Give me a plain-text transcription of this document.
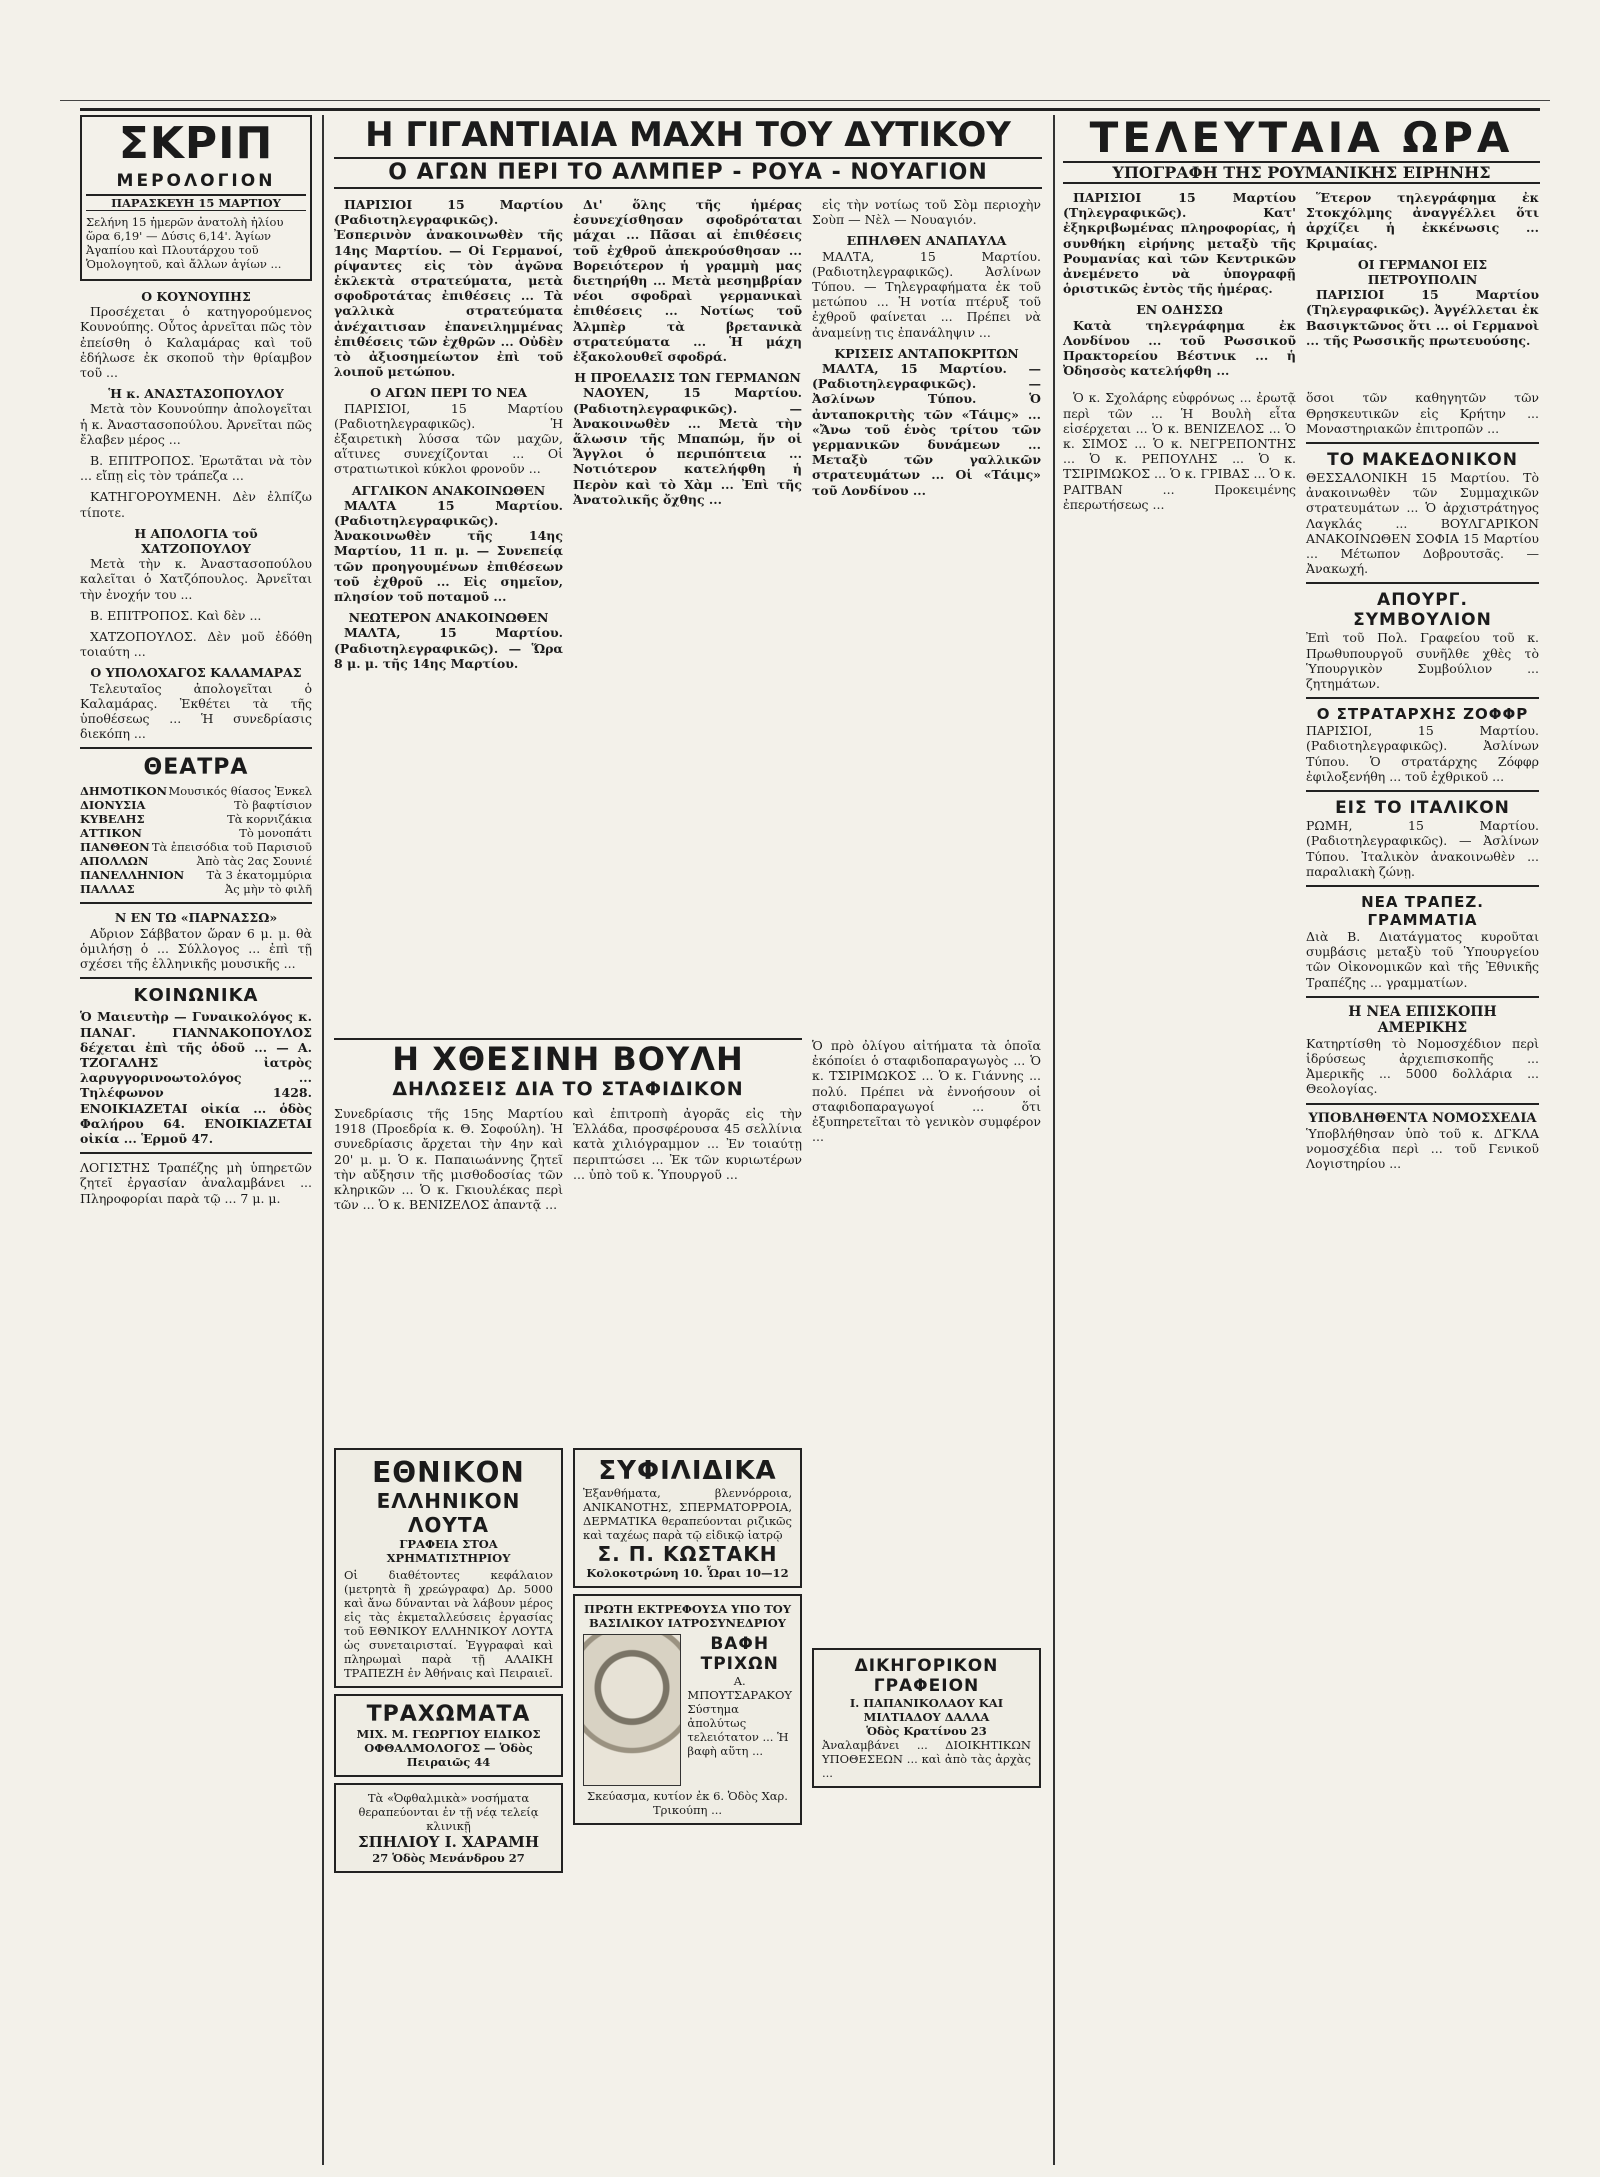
ΣΚΡΙΠ
ΜΕΡΟΛΟΓΙΟΝ
ΠΑΡΑΣΚΕΥΗ 15 ΜΑΡΤΙΟΥ
Σελήνη 15 ἡμερῶν ἀνατολὴ ἡλίου ὥρα 6,19' — Δύσις 6,14'. Ἁγίων Ἀγαπίου καὶ Πλουτάρχου τοῦ Ὁμολογητοῦ, καὶ ἄλλων ἁγίων ...
Ο ΚΟΥΝΟΥΠΗΣ

Προσέχεται ὁ κατηγορούμενος Κουνούπης. Οὗτος ἀρνεῖται πῶς τὸν ἐπείσθη ὁ Καλαμάρας καὶ τοῦ ἐδήλωσε ἐκ σκοποῦ τὴν θρίαμβον τοῦ ...

Ἡ κ. ΑΝΑΣΤΑΣΟΠΟΥΛΟΥ

Μετὰ τὸν Κουνούπην ἀπολογεῖται ἡ κ. Ἀναστασοπούλου. Ἀρνεῖται πῶς ἔλαβεν μέρος ...

Β. ΕΠΙΤΡΟΠΟΣ. Ἐρωτᾶται νὰ τὸν ... εἴπῃ εἰς τὸν τράπεζα ...

ΚΑΤΗΓΟΡΟΥΜΕΝΗ. Δὲν ἐλπίζω τίποτε.

Η ΑΠΟΛΟΓΙΑ τοῦ ΧΑΤΖΟΠΟΥΛΟΥ

Μετὰ τὴν κ. Ἀναστασοπούλου καλεῖται ὁ Χατζόπουλος. Ἀρνεῖται τὴν ἐνοχήν του ...

Β. ΕΠΙΤΡΟΠΟΣ. Καὶ δὲν ...

ΧΑΤΖΟΠΟΥΛΟΣ. Δὲν μοῦ ἐδόθη τοιαύτη ...

Ο ΥΠΟΛΟΧΑΓΟΣ ΚΑΛΑΜΑΡΑΣ

Τελευταῖος ἀπολογεῖται ὁ Καλαμάρας. Ἐκθέτει τὰ τῆς ὑποθέσεως ... Ἡ συνεδρίασις διεκόπη ...

ΘΕΑΤΡΑ
ΔΗΜΟΤΙΚΟΝ Μουσικός θίασος Ἐνκελ
ΔΙΟΝΥΣΙΑ	Τὸ βαφτίσιον
ΚΥΒΕΛΗΣ	Τὰ κορνιζάκια
ΑΤΤΙΚΟΝ	Τὸ μονοπάτι
ΠΑΝΘΕΟΝ Τὰ ἐπεισόδια τοῦ Παρισιοῦ
ΑΠΟΛΛΩΝ	Ἀπὸ τὰς 2ας Σουνιέ
ΠΑΝΕΛΛΗΝΙΟΝ Τὰ 3 ἑκατομμύρια
ΠΑΛΛΑΣ	Ἀς μὴν τὸ φιλῆ
Ν ΕΝ ΤΩ «ΠΑΡΝΑΣΣΩ»

Αὔριον Σάββατον ὥραν 6 μ. μ. θὰ ὁμιλήσῃ ὁ ... Σύλλογος ... ἐπὶ τῇ σχέσει τῆς ἑλληνικῆς μουσικῆς ...

ΚΟΙΝΩΝΙΚΑ
Ὁ Μαιευτὴρ — Γυναικολόγος κ. ΠΑΝΑΓ. ΓΙΑΝΝΑΚΟΠΟΥΛΟΣ δέχεται ἐπὶ τῆς ὁδοῦ ... — Α. ΤΖΟΓΑΛΗΣ ἰατρὸς λαρυγγορινοωτολόγος ... Τηλέφωνον 1428. ΕΝΟΙΚΙΑΖΕΤΑΙ οἰκία ... ὁδὸς Φαλήρου 64. ΕΝΟΙΚΙΑΖΕΤΑΙ οἰκία ... Ἑρμοῦ 47.
ΛΟΓΙΣΤΗΣ Τραπέζης μὴ ὑπηρετῶν ζητεῖ ἐργασίαν ἀναλαμβάνει ... Πληροφορίαι παρὰ τῷ ... 7 μ. μ.
Η ΓΙΓΑΝΤΙΑΙΑ ΜΑΧΗ ΤΟΥ ΔΥΤΙΚΟΥ
Ο ΑΓΩΝ ΠΕΡΙ ΤΟ ΑΛΜΠΕΡ - ΡΟΥΑ - ΝΟΥΑΓΙΟΝ

ΠΑΡΙΣΙΟΙ 15 Μαρτίου (Ραδιοτηλεγραφικῶς). Ἐσπερινὸν ἀνακοινωθὲν τῆς 14ης Μαρτίου. — Οἱ Γερμανοί, ρίψαντες εἰς τὸν ἀγῶνα ἐκλεκτὰ στρατεύματα, μετὰ σφοδροτάτας ἐπιθέσεις ... Τὰ γαλλικὰ στρατεύματα ἀνέχαιτισαν ἐπανειλημμένας ἐπιθέσεις τῶν ἐχθρῶν ... Οὐδὲν τὸ ἀξιοσημείωτον ἐπὶ τοῦ λοιποῦ μετώπου.

Ο ΑΓΩΝ ΠΕΡΙ ΤΟ ΝΕΑ

ΠΑΡΙΣΙΟΙ, 15 Μαρτίου (Ραδιοτηλεγραφικῶς). Ἡ ἐξαιρετικὴ λύσσα τῶν μαχῶν, αἵτινες συνεχίζονται ... Οἱ στρατιωτικοὶ κύκλοι φρονοῦν ...

ΑΓΓΛΙΚΟΝ ΑΝΑΚΟΙΝΩΘΕΝ

ΜΑΛΤΑ 15 Μαρτίου. (Ραδιοτηλεγραφικῶς). Ἀνακοινωθὲν τῆς 14ης Μαρτίου, 11 π. μ. — Συνεπείᾳ τῶν προηγουμένων ἐπιθέσεων τοῦ ἐχθροῦ ... Εἰς σημεῖον, πλησίον τοῦ ποταμοῦ ...

ΝΕΩΤΕΡΟΝ ΑΝΑΚΟΙΝΩΘΕΝ

ΜΑΛΤΑ, 15 Μαρτίου. (Ραδιοτηλεγραφικῶς). — Ὥρα 8 μ. μ. τῆς 14ης Μαρτίου.

Δι' ὅλης τῆς ἡμέρας ἐσυνεχίσθησαν σφοδρόταται μάχαι ... Πᾶσαι αἱ ἐπιθέσεις τοῦ ἐχθροῦ ἀπεκρούσθησαν ... Βορειότερον ἡ γραμμὴ μας διετηρήθη ... Μετὰ μεσημβρίαν νέοι σφοδραὶ γερμανικαὶ ἐπιθέσεις ... Νοτίως τοῦ Ἀλμπὲρ τὰ βρετανικὰ στρατεύματα ... Ἡ μάχη ἐξακολουθεῖ σφοδρά.

Η ΠΡΟΕΛΑΣΙΣ ΤΩΝ ΓΕΡΜΑΝΩΝ

ΝΑΟΥΕΝ, 15 Μαρτίου. (Ραδιοτηλεγραφικῶς). — Ἀνακοινωθὲν ... Μετὰ τὴν ἅλωσιν τῆς Μπαπώμ, ἥν οἱ Ἄγγλοι ὁ περιπόπτεια ... Νοτιότερον κατελήφθη ἡ Περὸν καὶ τὸ Χὰμ ... Ἐπὶ τῆς Ἀνατολικῆς ὄχθης ...

εἰς τὴν νοτίως τοῦ Σὸμ περιοχὴν Σοὺπ — Νὲλ — Νουαγιόν.

ΕΠΗΛΘΕΝ ΑΝΑΠΑΥΛΑ

ΜΑΛΤΑ, 15 Μαρτίου. (Ραδιοτηλεγραφικῶς). Ἀσλίνων Τύπου. — Τηλεγραφήματα ἐκ τοῦ μετώπου ... Ἡ νοτία πτέρυξ τοῦ ἐχθροῦ φαίνεται ... Πρέπει νὰ ἀναμείνῃ τις ἐπανάληψιν ...

ΚΡΙΣΕΙΣ ΑΝΤΑΠΟΚΡΙΤΩΝ

ΜΑΛΤΑ, 15 Μαρτίου. — (Ραδιοτηλεγραφικῶς). — Ἀσλίνων Τύπου. Ὁ ἀνταποκριτὴς τῶν «Τάιμς» ... «Ἄνω τοῦ ἑνὸς τρίτου τῶν γερμανικῶν δυνάμεων ... Μεταξὺ τῶν γαλλικῶν στρατευμάτων ... Οἱ «Τάιμς» τοῦ Λονδίνου ...

Η ΧΘΕΣΙΝΗ ΒΟΥΛΗ
ΔΗΛΩΣΕΙΣ ΔΙΑ ΤΟ ΣΤΑΦΙΔΙΚΟΝ
Συνεδρίασις τῆς 15ης Μαρτίου 1918 (Προεδρία κ. Θ. Σοφούλη). Ἡ συνεδρίασις ἄρχεται τὴν 4ην καὶ 20' μ. μ. Ὁ κ. Παπαιωάννης ζητεῖ τὴν αὔξησιν τῆς μισθοδοσίας τῶν κληρικῶν ... Ὁ κ. Γκιουλέκας περὶ τῶν ... Ὁ κ. ΒΕΝΙΖΕΛΟΣ ἀπαντᾷ ...
καὶ ἐπιτροπὴ ἀγορᾶς εἰς τὴν Ἑλλάδα, προσφέρουσα 45 σελλίνια κατὰ χιλιόγραμμον ... Ἐν τοιαύτῃ περιπτώσει ... Ἐκ τῶν κυριωτέρων ... ὑπὸ τοῦ κ. Ὑπουργοῦ ...
ΕΘΝΙΚΟΝ
ΕΛΛΗΝΙΚΟΝ ΛΟΥΤΑ
ΓΡΑΦΕΙΑ ΣΤΟΑ ΧΡΗΜΑΤΙΣΤΗΡΙΟΥ
Οἱ διαθέτοντες κεφάλαιον (μετρητὰ ἢ χρεώγραφα) Δρ. 5000 καὶ ἄνω δύνανται νὰ λάβουν μέρος εἰς τὰς ἐκμεταλλεύσεις ἐργασίας τοῦ ΕΘΝΙΚΟΥ ΕΛΛΗΝΙΚΟΥ ΛΟΥΤΑ ὡς συνεταιρισταί. Ἐγγραφαὶ καὶ πληρωμαὶ παρὰ τῇ ΑΛΑΙΚΗ ΤΡΑΠΕΖΗ ἐν Ἀθήναις καὶ Πειραιεῖ.
ΤΡΑΧΩΜΑΤΑ
ΜΙΧ. Μ. ΓΕΩΡΓΙΟΥ ΕΙΔΙΚΟΣ ΟΦΘΑΛΜΟΛΟΓΟΣ — Ὁδὸς Πειραιῶς 44
Τὰ «Ὀφθαλμικὰ» νοσήματα θεραπεύονται ἐν τῇ νέᾳ τελείᾳ κλινικῇ
ΣΠΗΛΙΟΥ Ι. ΧΑΡΑΜΗ
27 Ὁδὸς Μενάνδρου 27
ΣΥΦΙΛΙΔΙΚΑ
Ἐξανθήματα, βλεννόρροια, ΑΝΙΚΑΝΟΤΗΣ, ΣΠΕΡΜΑΤΟΡΡΟΙΑ, ΔΕΡΜΑΤΙΚΑ θεραπεύονται ριζικῶς καὶ ταχέως παρὰ τῷ εἰδικῷ ἰατρῷ
Σ. Π. ΚΩΣΤΑΚΗ
Κολοκοτρώνη 10. Ὧραι 10—12
ΠΡΩΤΗ ΕΚΤΡΕΦΟΥΣΑ ΥΠΟ ΤΟΥ ΒΑΣΙΛΙΚΟΥ ΙΑΤΡΟΣΥΝΕΔΡΙΟΥ
ΒΑΦΗ ΤΡΙΧΩΝ
Α. ΜΠΟΥΤΣΑΡΑΚΟΥ
Σύστημα ἀπολύτως τελειότατον ... Ἡ βαφὴ αὕτη ...
Σκεύασμα, κυτίον ἐκ 6. Ὁδὸς Χαρ. Τρικούπη ...
Ὁ πρὸ ὀλίγου αἰτήματα τὰ ὁποῖα ἐκόποίει ὁ σταφιδοπαραγωγὸς ... Ὁ κ. ΤΣΙΡΙΜΩΚΟΣ ... Ὁ κ. Γιάννης ... πολύ. Πρέπει νὰ ἐννοήσουν οἱ σταφιδοπαραγωγοί ... ὅτι ἐξυπηρετεῖται τὸ γενικὸν συμφέρον ...
ΔΙΚΗΓΟΡΙΚΟΝ ΓΡΑΦΕΙΟΝ
Ι. ΠΑΠΑΝΙΚΟΛΑΟΥ ΚΑΙ ΜΙΛΤΙΑΔΟΥ ΔΑΛΛΑ
Ὁδὸς Κρατίνου 23
Ἀναλαμβάνει ... ΔΙΟΙΚΗΤΙΚΩΝ ΥΠΟΘΕΣΕΩΝ ... καὶ ἀπὸ τὰς ἀρχὰς ...
ΤΕΛΕΥΤΑΙΑ ΩΡΑ
ΥΠΟΓΡΑΦΗ ΤΗΣ ΡΟΥΜΑΝΙΚΗΣ ΕΙΡΗΝΗΣ

ΠΑΡΙΣΙΟΙ 15 Μαρτίου (Τηλεγραφικῶς). Κατ' ἐξηκριβωμένας πληροφορίας, ἡ συνθήκη εἰρήνης μεταξὺ τῆς Ρουμανίας καὶ τῶν Κεντρικῶν ἀνεμένετο νὰ ὑπογραφῇ ὁριστικῶς ἐντὸς τῆς ἡμέρας.

ΕΝ ΟΔΗΣΣΩ

Κατὰ τηλεγράφημα ἐκ Λονδίνου ... τοῦ Ρωσσικοῦ Πρακτορείου Βέστνικ ... ἡ Ὀδησσὸς κατελήφθη ...

Ἕτερον τηλεγράφημα ἐκ Στοκχόλμης ἀναγγέλλει ὅτι ἀρχίζει ἡ ἐκκένωσις ... Κριμαίας.

ΟΙ ΓΕΡΜΑΝΟΙ ΕΙΣ ΠΕΤΡΟΥΠΟΛΙΝ

ΠΑΡΙΣΙΟΙ 15 Μαρτίου (Τηλεγραφικῶς). Ἀγγέλλεται ἐκ Βασιγκτῶνος ὅτι ... οἱ Γερμανοὶ ... τῆς Ρωσσικῆς πρωτευούσης.

Ὁ κ. Σχολάρης εὐφρόνως ... ἐρωτᾷ περὶ τῶν ... Ἡ Βουλὴ εἶτα εἰσέρχεται ... Ὁ κ. ΒΕΝΙΖΕΛΟΣ ... Ὁ κ. ΣΙΜΟΣ ... Ὁ κ. ΝΕΓΡΕΠΟΝΤΗΣ ... Ὁ κ. ΡΕΠΟΥΛΗΣ ... Ὁ κ. ΤΣΙΡΙΜΩΚΟΣ ... Ὁ κ. ΓΡΙΒΑΣ ... Ὁ κ. ΡΑΙΤΒΑΝ ... Προκειμένης ἐπερωτήσεως ...

ὅσοι τῶν καθηγητῶν τῶν Θρησκευτικῶν εἰς Κρήτην ... Μοναστηριακῶν ἐπιτροπῶν ...
ΤΟ ΜΑΚΕΔΟΝΙΚΟΝ
ΘΕΣΣΑΛΟΝΙΚΗ 15 Μαρτίου. Τὸ ἀνακοινωθὲν τῶν Συμμαχικῶν στρατευμάτων ... Ὁ ἀρχιστράτηγος Λαγκλάς ... ΒΟΥΛΓΑΡΙΚΟΝ ΑΝΑΚΟΙΝΩΘΕΝ ΣΟΦΙΑ 15 Μαρτίου ... Μέτωπον Δοβρουτσᾶς. — Ἀνακωχή.
ΑΠΟΥΡΓ. ΣΥΜΒΟΥΛΙΟΝ
Ἐπὶ τοῦ Πολ. Γραφείου τοῦ κ. Πρωθυπουργοῦ συνῆλθε χθὲς τὸ Ὑπουργικὸν Συμβούλιον ... ζητημάτων.
Ο ΣΤΡΑΤΑΡΧΗΣ ΖΟΦΦΡ
ΠΑΡΙΣΙΟΙ, 15 Μαρτίου. (Ραδιοτηλεγραφικῶς). Ἀσλίνων Τύπου. Ὁ στρατάρχης Ζόφφρ ἐφιλοξενήθη ... τοῦ ἐχθρικοῦ ...
ΕΙΣ ΤΟ ΙΤΑΛΙΚΟΝ
ΡΩΜΗ, 15 Μαρτίου. (Ραδιοτηλεγραφικῶς). — Ἀσλίνων Τύπου. Ἰταλικὸν ἀνακοινωθὲν ... παραλιακὴ ζώνῃ.
ΝΕΑ ΤΡΑΠΕΖ. ΓΡΑΜΜΑΤΙΑ
Διὰ Β. Διατάγματος κυροῦται συμβάσις μεταξὺ τοῦ Ὑπουργείου τῶν Οἰκονομικῶν καὶ τῆς Ἐθνικῆς Τραπέζης ... γραμματίων.
Η ΝΕΑ ΕΠΙΣΚΟΠΗ ΑΜΕΡΙΚΗΣ
Κατηρτίσθη τὸ Νομοσχέδιον περὶ ἱδρύσεως ἀρχιεπισκοπῆς ... Ἀμερικῆς ... 5000 δολλάρια ... Θεολογίας.
ΥΠΟΒΛΗΘΕΝΤΑ ΝΟΜΟΣΧΕΔΙΑ
Ὑποβλήθησαν ὑπὸ τοῦ κ. ΔΓΚΛΑ νομοσχέδια περὶ ... τοῦ Γενικοῦ Λογιστηρίου ...
